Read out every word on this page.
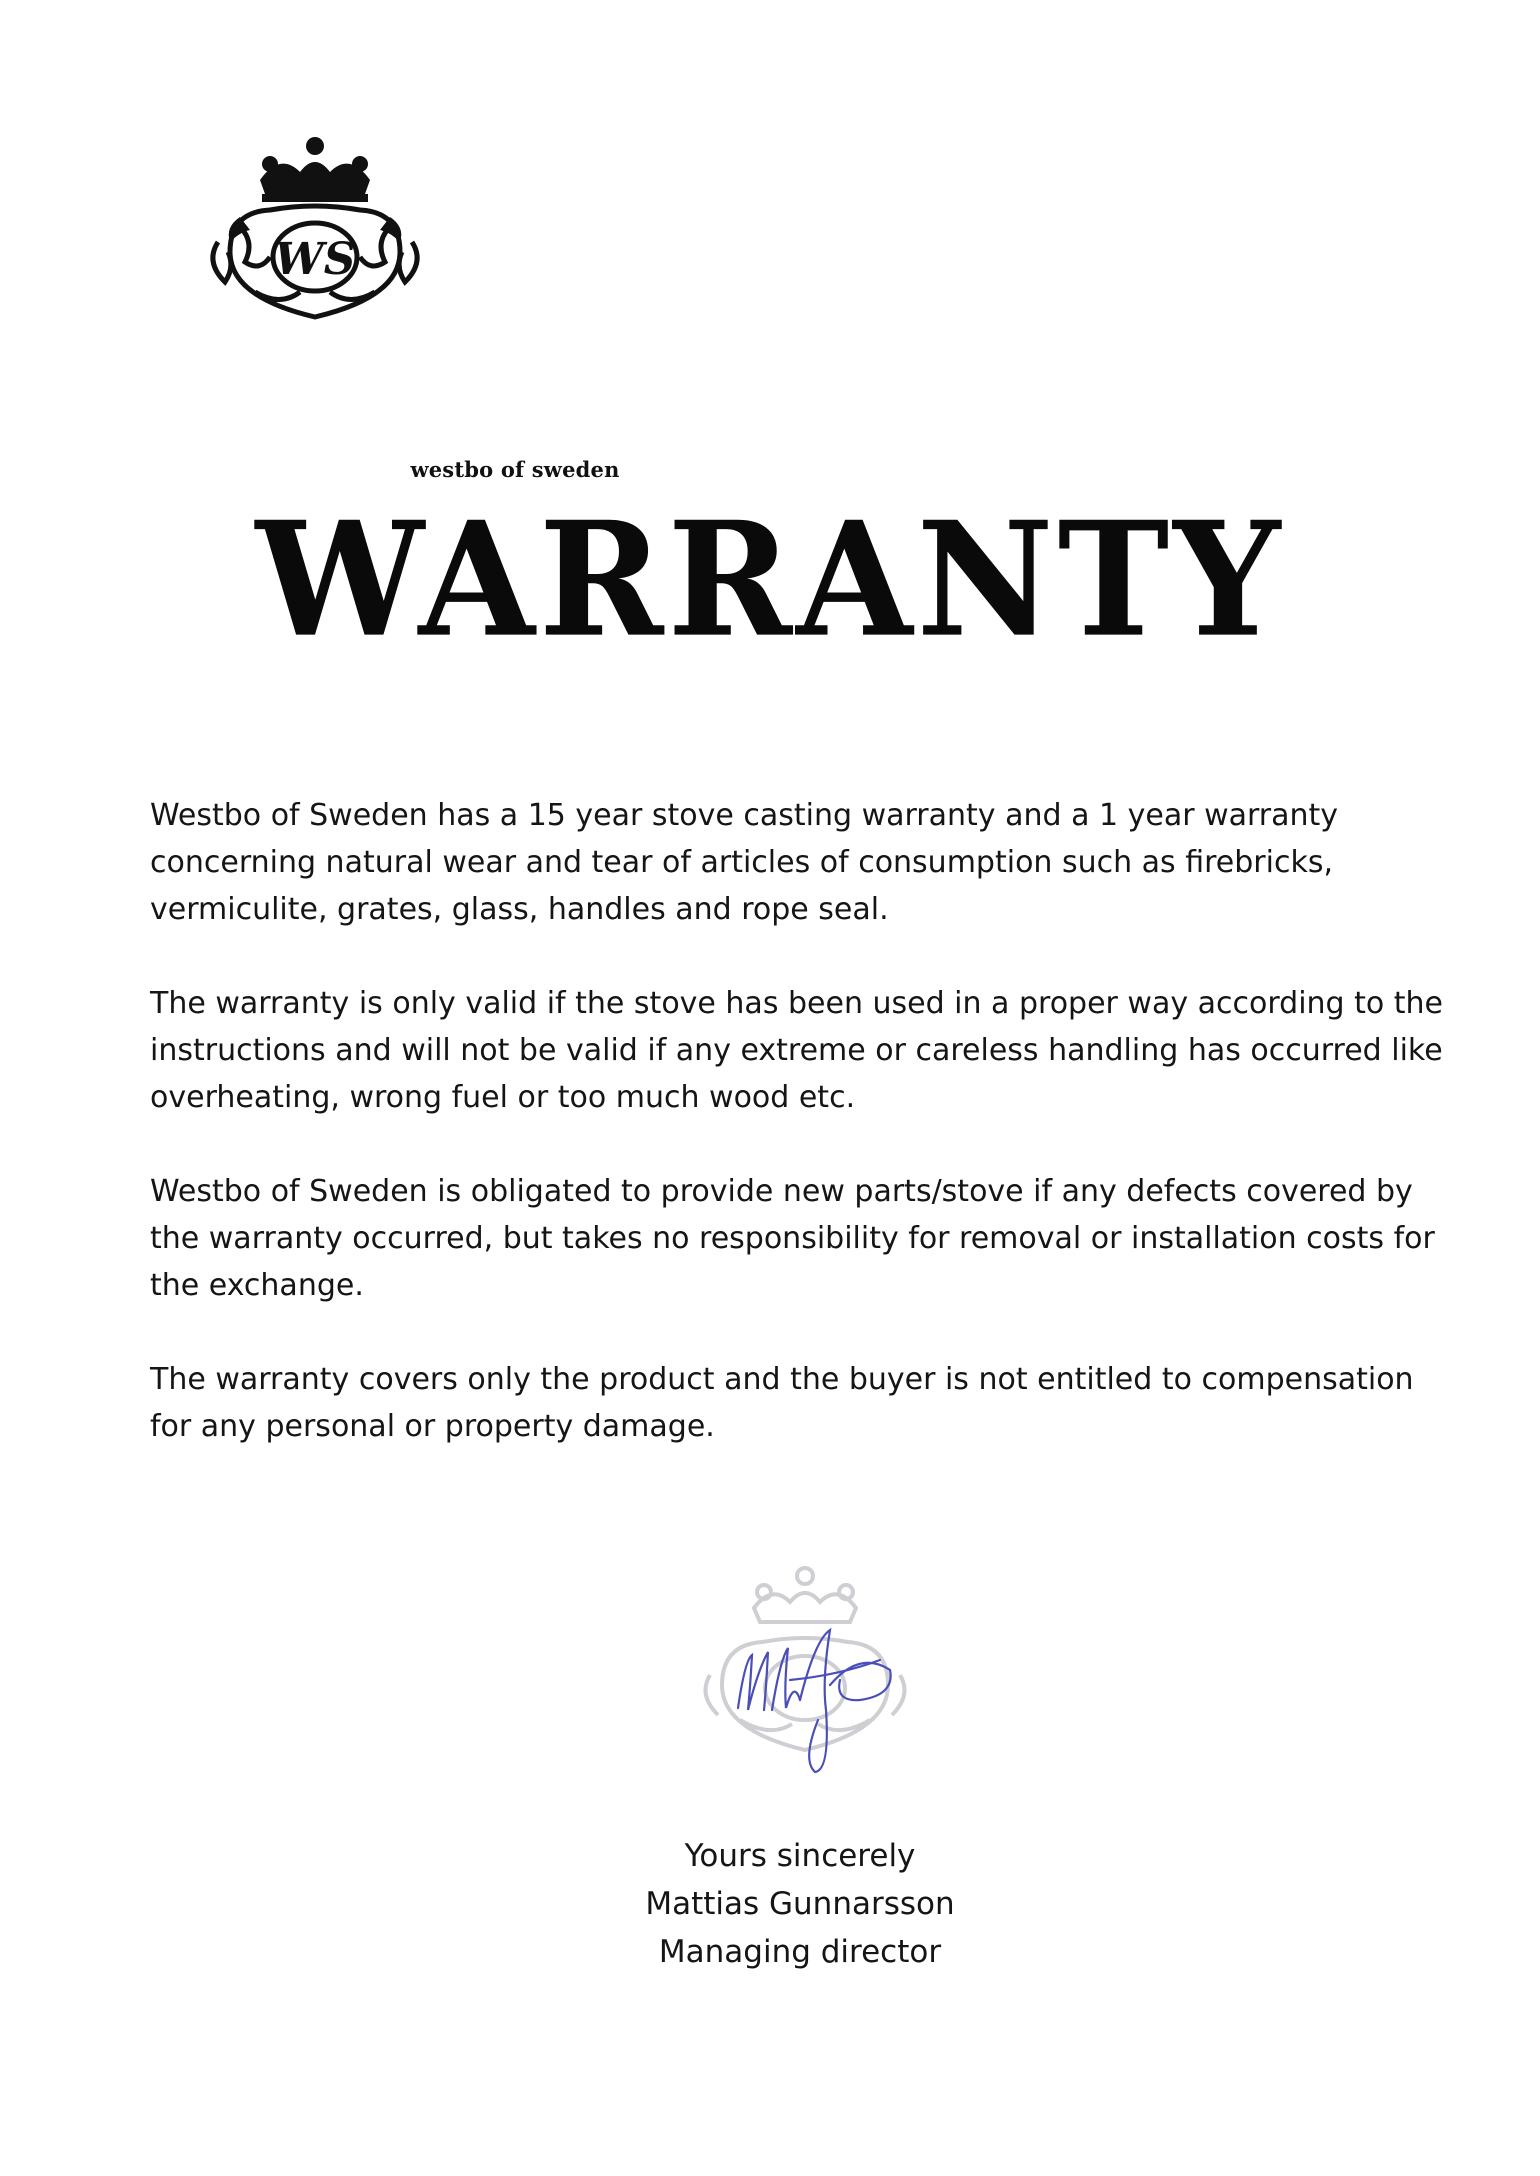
westbo of sweden
WS
WARRANTY

Westbo of Sweden has a 15 year stove casting warranty and a 1 year warranty concerning natural wear and tear of articles of consumption such as firebricks, vermiculite, grates, glass, handles and rope seal.

The warranty is only valid if the stove has been used in a proper way according to the instructions and will not be valid if any extreme or careless handling has occurred like overheating, wrong fuel or too much wood etc.

Westbo of Sweden is obligated to provide new parts/stove if any defects covered by the warranty occurred, but takes no responsibility for removal or installation costs for the exchange.

The warranty covers only the product and the buyer is not entitled to compensation for any personal or property damage.

Yours sincerely
Mattias Gunnarsson
Managing director
